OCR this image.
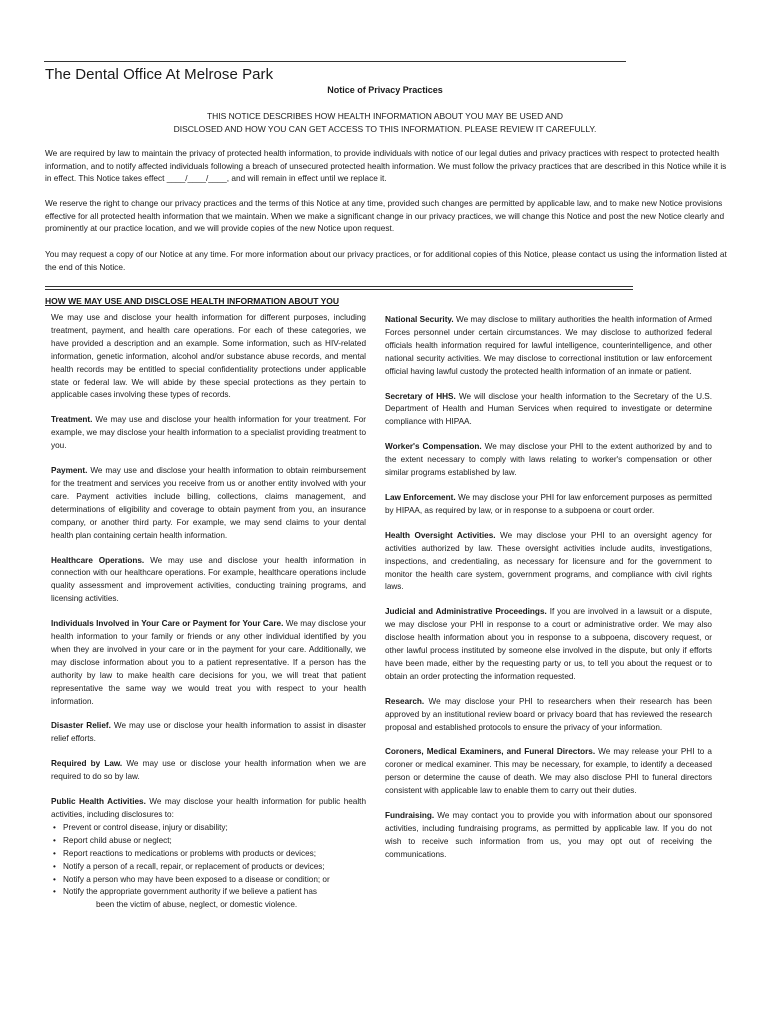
The Dental Office At Melrose Park
Notice of Privacy Practices
THIS NOTICE DESCRIBES HOW HEALTH INFORMATION ABOUT YOU MAY BE USED AND
DISCLOSED AND HOW YOU CAN GET ACCESS TO THIS INFORMATION. PLEASE REVIEW IT CAREFULLY.

We are required by law to maintain the privacy of protected health information, to provide individuals with notice of our legal duties and privacy practices with respect to protected health information, and to notify affected individuals following a breach of unsecured protected health information. We must follow the privacy practices that are described in this Notice while it is in effect. This Notice takes effect ____/____/____, and will remain in effect until we replace it.

We reserve the right to change our privacy practices and the terms of this Notice at any time, provided such changes are permitted by applicable law, and to make new Notice provisions effective for all protected health information that we maintain. When we make a significant change in our privacy practices, we will change this Notice and post the new Notice clearly and prominently at our practice location, and we will provide copies of the new Notice upon request.

You may request a copy of our Notice at any time. For more information about our privacy practices, or for additional copies of this Notice, please contact us using the information listed at the end of this Notice.

HOW WE MAY USE AND DISCLOSE HEALTH INFORMATION ABOUT YOU

We may use and disclose your health information for different purposes, including treatment, payment, and health care operations. For each of these categories, we have provided a description and an example. Some information, such as HIV-related information, genetic information, alcohol and/or substance abuse records, and mental health records may be entitled to special confidentiality protections under applicable state or federal law. We will abide by these special protections as they pertain to applicable cases involving these types of records.

Treatment. We may use and disclose your health information for your treatment. For example, we may disclose your health information to a specialist providing treatment to you.

Payment. We may use and disclose your health information to obtain reimbursement for the treatment and services you receive from us or another entity involved with your care. Payment activities include billing, collections, claims management, and determinations of eligibility and coverage to obtain payment from you, an insurance company, or another third party. For example, we may send claims to your dental health plan containing certain health information.

Healthcare Operations. We may use and disclose your health information in connection with our healthcare operations. For example, healthcare operations include quality assessment and improvement activities, conducting training programs, and licensing activities.

Individuals Involved in Your Care or Payment for Your Care. We may disclose your health information to your family or friends or any other individual identified by you when they are involved in your care or in the payment for your care. Additionally, we may disclose information about you to a patient representative. If a person has the authority by law to make health care decisions for you, we will treat that patient representative the same way we would treat you with respect to your health information.

Disaster Relief. We may use or disclose your health information to assist in disaster relief efforts.

Required by Law. We may use or disclose your health information when we are required to do so by law.

Public Health Activities. We may disclose your health information for public health activities, including disclosures to:

• Prevent or control disease, injury or disability;
• Report child abuse or neglect;
• Report reactions to medications or problems with products or devices;
• Notify a person of a recall, repair, or replacement of products or devices;
• Notify a person who may have been exposed to a disease or condition; or
• Notify the appropriate government authority if we believe a patient has
been the victim of abuse, neglect, or domestic violence.

National Security. We may disclose to military authorities the health information of Armed Forces personnel under certain circumstances. We may disclose to authorized federal officials health information required for lawful intelligence, counterintelligence, and other national security activities. We may disclose to correctional institution or law enforcement official having lawful custody the protected health information of an inmate or patient.

Secretary of HHS. We will disclose your health information to the Secretary of the U.S. Department of Health and Human Services when required to investigate or determine compliance with HIPAA.

Worker's Compensation. We may disclose your PHI to the extent authorized by and to the extent necessary to comply with laws relating to worker's compensation or other similar programs established by law.

Law Enforcement. We may disclose your PHI for law enforcement purposes as permitted by HIPAA, as required by law, or in response to a subpoena or court order.

Health Oversight Activities. We may disclose your PHI to an oversight agency for activities authorized by law. These oversight activities include audits, investigations, inspections, and credentialing, as necessary for licensure and for the government to monitor the health care system, government programs, and compliance with civil rights laws.

Judicial and Administrative Proceedings. If you are involved in a lawsuit or a dispute, we may disclose your PHI in response to a court or administrative order. We may also disclose health information about you in response to a subpoena, discovery request, or other lawful process instituted by someone else involved in the dispute, but only if efforts have been made, either by the requesting party or us, to tell you about the request or to obtain an order protecting the information requested.

Research. We may disclose your PHI to researchers when their research has been approved by an institutional review board or privacy board that has reviewed the research proposal and established protocols to ensure the privacy of your information.

Coroners, Medical Examiners, and Funeral Directors. We may release your PHI to a coroner or medical examiner. This may be necessary, for example, to identify a deceased person or determine the cause of death. We may also disclose PHI to funeral directors consistent with applicable law to enable them to carry out their duties.

Fundraising. We may contact you to provide you with information about our sponsored activities, including fundraising programs, as permitted by applicable law. If you do not wish to receive such information from us, you may opt out of receiving the communications.
